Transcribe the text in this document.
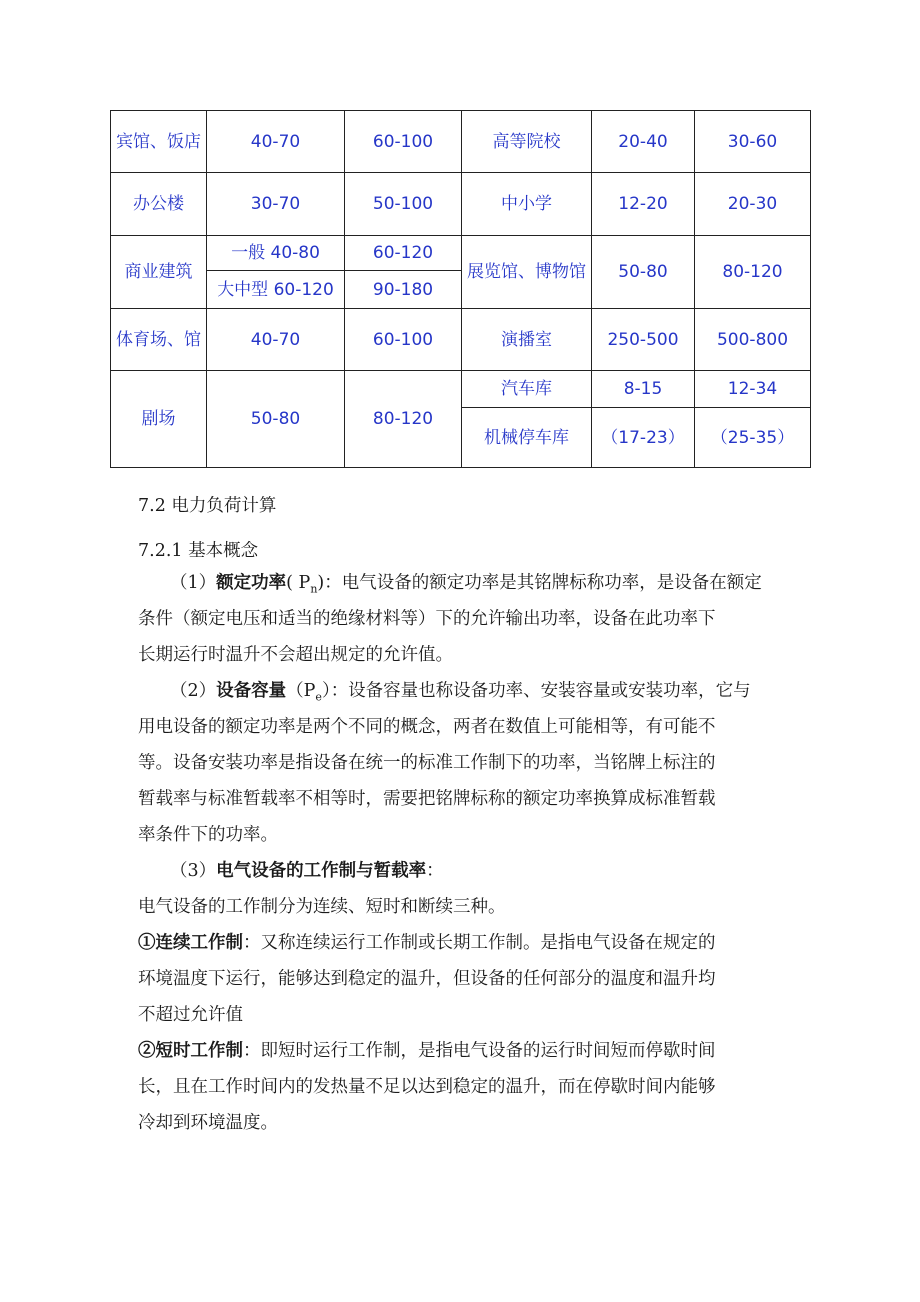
宾馆、饭店	40-70	60-100	高等院校	20-40	30-60
办公楼	30-70	50-100	中小学	12-20	20-30
商业建筑	一般 40-80	60-120	展览馆、博物馆	50-80	80-120
	大中型 60-120	90-180			
体育场、馆	40-70	60-100	演播室	250-500	500-800
剧场	50-80	80-120	汽车库	8-15	12-34
			机械停车库	（17-23）	（25-35）
7.2 电力负荷计算
7.2.1 基本概念
（1）额定功率( $P_n$)：电气设备的额定功率是其铭牌标称功率，是设备在额定
条件（额定电压和适当的绝缘材料等）下的允许输出功率，设备在此功率下
长期运行时温升不会超出规定的允许值。
（2）设备容量$(P_e)$：设备容量也称设备功率、安装容量或安装功率，它与
用电设备的额定功率是两个不同的概念，两者在数值上可能相等，有可能不
等。设备安装功率是指设备在统一的标准工作制下的功率，当铭牌上标注的
暂载率与标准暂载率不相等时，需要把铭牌标称的额定功率换算成标准暂载
率条件下的功率。
（3）电气设备的工作制与暂载率：
电气设备的工作制分为连续、短时和断续三种。
①连续工作制：又称连续运行工作制或长期工作制。是指电气设备在规定的
环境温度下运行，能够达到稳定的温升，但设备的任何部分的温度和温升均
不超过允许值
②短时工作制：即短时运行工作制，是指电气设备的运行时间短而停歇时间
长，且在工作时间内的发热量不足以达到稳定的温升，而在停歇时间内能够
冷却到环境温度。
